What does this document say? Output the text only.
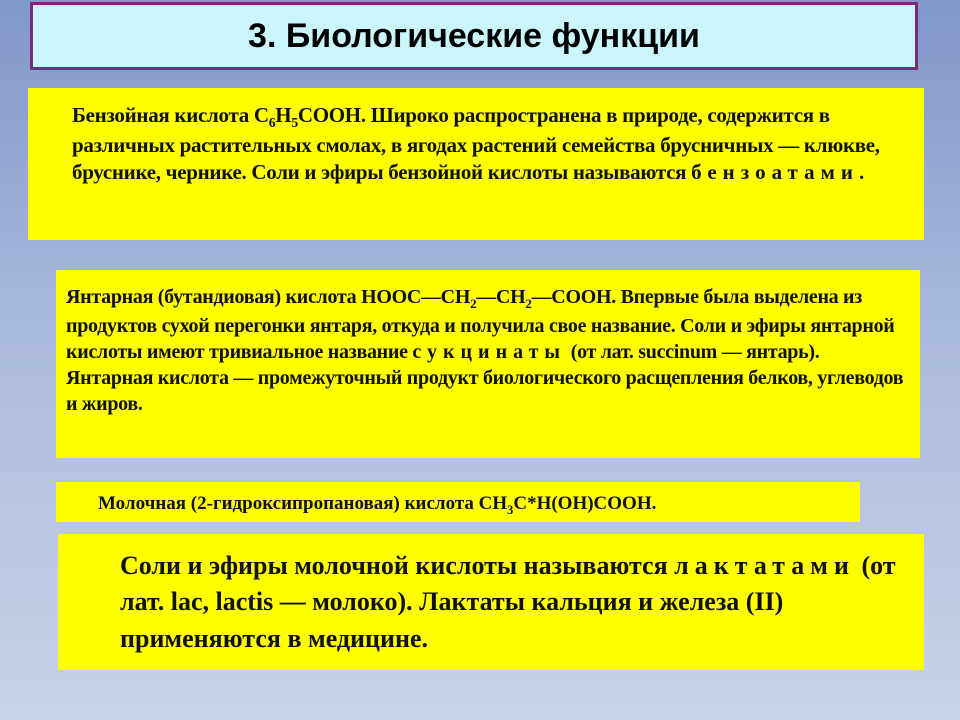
3. Биологические функции

Бензойная кислота $C_6H_5COOH$. Широко распространена в природе, содержится в различных растительных смолах, в ягодах растений семейства брусничных — клюкве, бруснике, чернике. Соли и эфиры бензойной кислоты называются бензоатами.

Янтарная (бутандиовая) кислота $HOOC—CH_2—CH_2—COOH$. Впервые была выделена из продуктов сухой перегонки янтаря, откуда и получила свое название. Соли и эфиры янтарной кислоты имеют тривиальное название сукцинаты (от лат. succinum — янтарь). Янтарная кислота — промежуточный продукт биологического расщепления белков, углеводов и жиров.

Молочная (2-гидроксипропановая) кислота $CH_3C*H(OH)COOH$.

Соли и эфиры молочной кислоты называются лактатами (от лат. lac, lactis — молоко). Лактаты кальция и железа (II) применяются в медицине.
